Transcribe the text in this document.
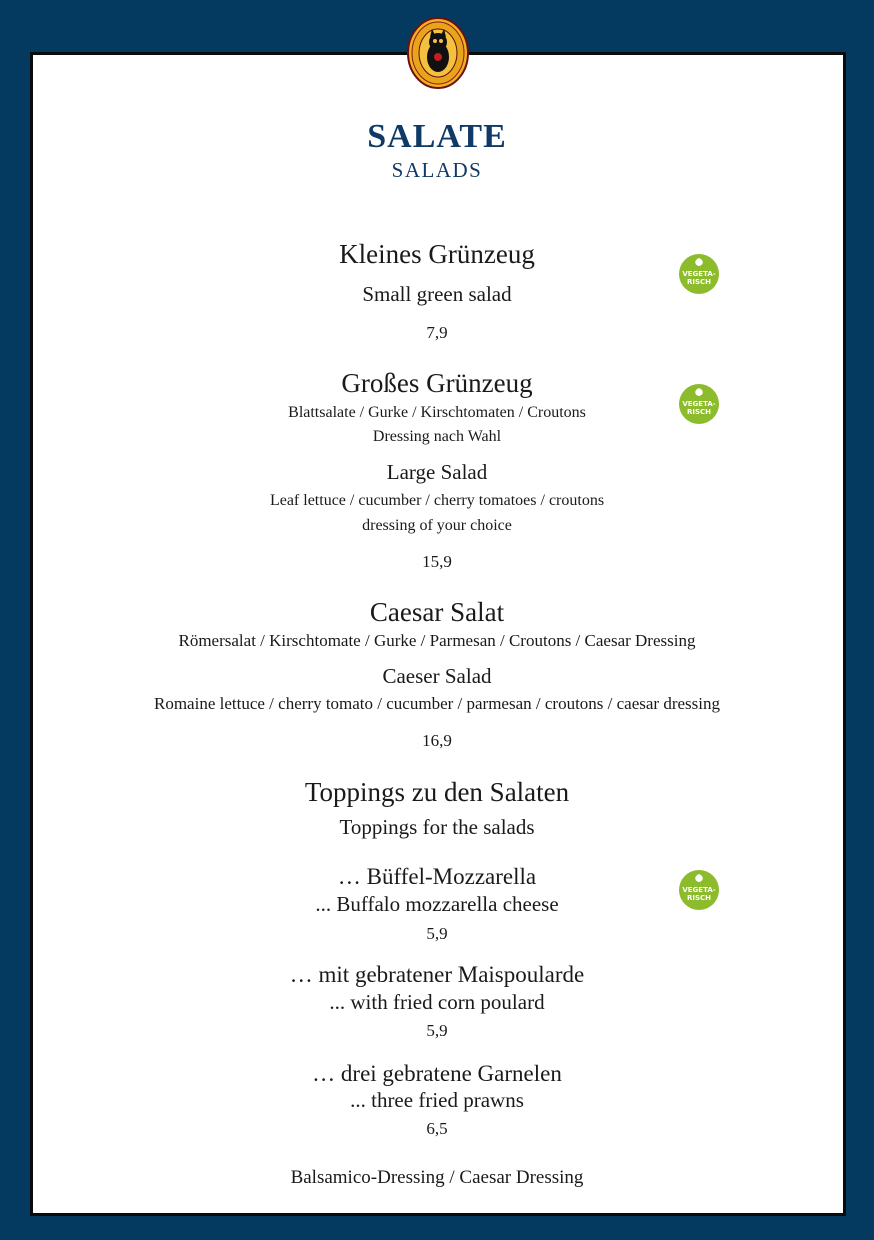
SALATE
SALADS
Kleines Grünzeug
Small green salad
7,9
Großes Grünzeug
Blattsalate / Gurke / Kirschtomaten / Croutons
Dressing nach Wahl
Large Salad
Leaf lettuce / cucumber / cherry tomatoes / croutons
dressing of your choice
15,9
Caesar Salat
Römersalat / Kirschtomate / Gurke / Parmesan / Croutons / Caesar Dressing
Caeser Salad
Romaine lettuce / cherry tomato / cucumber / parmesan / croutons / caesar dressing
16,9
Toppings zu den Salaten
Toppings for the salads
… Büffel-Mozzarella
... Buffalo mozzarella cheese
5,9
… mit gebratener Maispoularde
... with fried corn poulard
5,9
… drei gebratene Garnelen
... three fried prawns
6,5
Balsamico-Dressing / Caesar Dressing
VEGETA-
RISCH
VEGETA-
RISCH
VEGETA-
RISCH
